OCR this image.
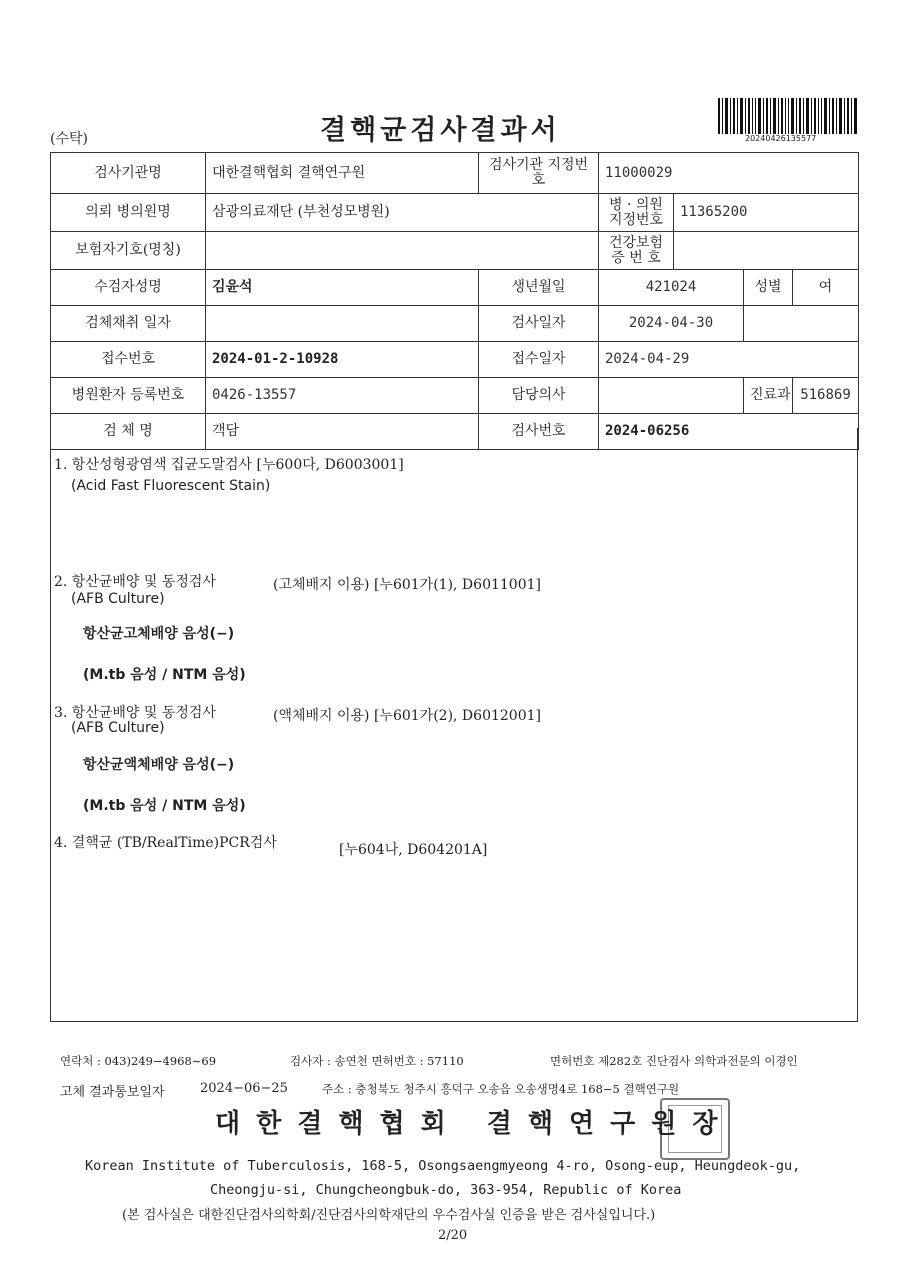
(수탁)	결핵균검사결과서	20240426135577
검사기관명	대한결핵협회 결핵연구원	검사기관 지정번호	11000029			
의뢰 병의원명	삼광의료재단 (부천성모병원)		병 · 의원 지정번호	11365200		
보험자기호(명칭)			건강보험 증 번 호			
수검자성명	김윤석	생년월일	421024		성별	여
검체채취 일자		검사일자	2024-04-30			
접수번호	2024-01-2-10928	접수일자	2024-04-29			
병원환자 등록번호	0426-13557	담당의사			진료과	516869
검 체 명	객담	검사번호	2024-06256			
1. 항산성형광염색 집균도말검사 [누600다, D6003001]
(Acid Fast Fluorescent Stain)
2. 항산균배양 및 동정검사	(고체배지 이용) [누601가(1), D6011001]
(AFB Culture)
항산균고체배양 음성(−)
(M.tb 음성 / NTM 음성)
3. 항산균배양 및 동정검사	(액체배지 이용) [누601가(2), D6012001]
(AFB Culture)
항산균액체배양 음성(−)
(M.tb 음성 / NTM 음성)
4. 결핵균 (TB/RealTime)PCR검사	[누604나, D604201A]
연락처 : 043)249−4968∼69	검사자 : 송연천 면허번호 : 57110	면허번호 제282호 진단검사 의학과전문의 이경인
고체 결과통보일자	2024−06−25	주소 : 충청북도 청주시 흥덕구 오송읍 오송생명4로 168−5 결핵연구원
대한결핵협회 결핵연구원장
Korean Institute of Tuberculosis, 168-5, Osongsaengmyeong 4-ro, Osong-eup, Heungdeok-gu,
Cheongju-si, Chungcheongbuk-do, 363-954, Republic of Korea
(본 검사실은 대한진단검사의학회/진단검사의학재단의 우수검사실 인증을 받은 검사실입니다.)
2/20
